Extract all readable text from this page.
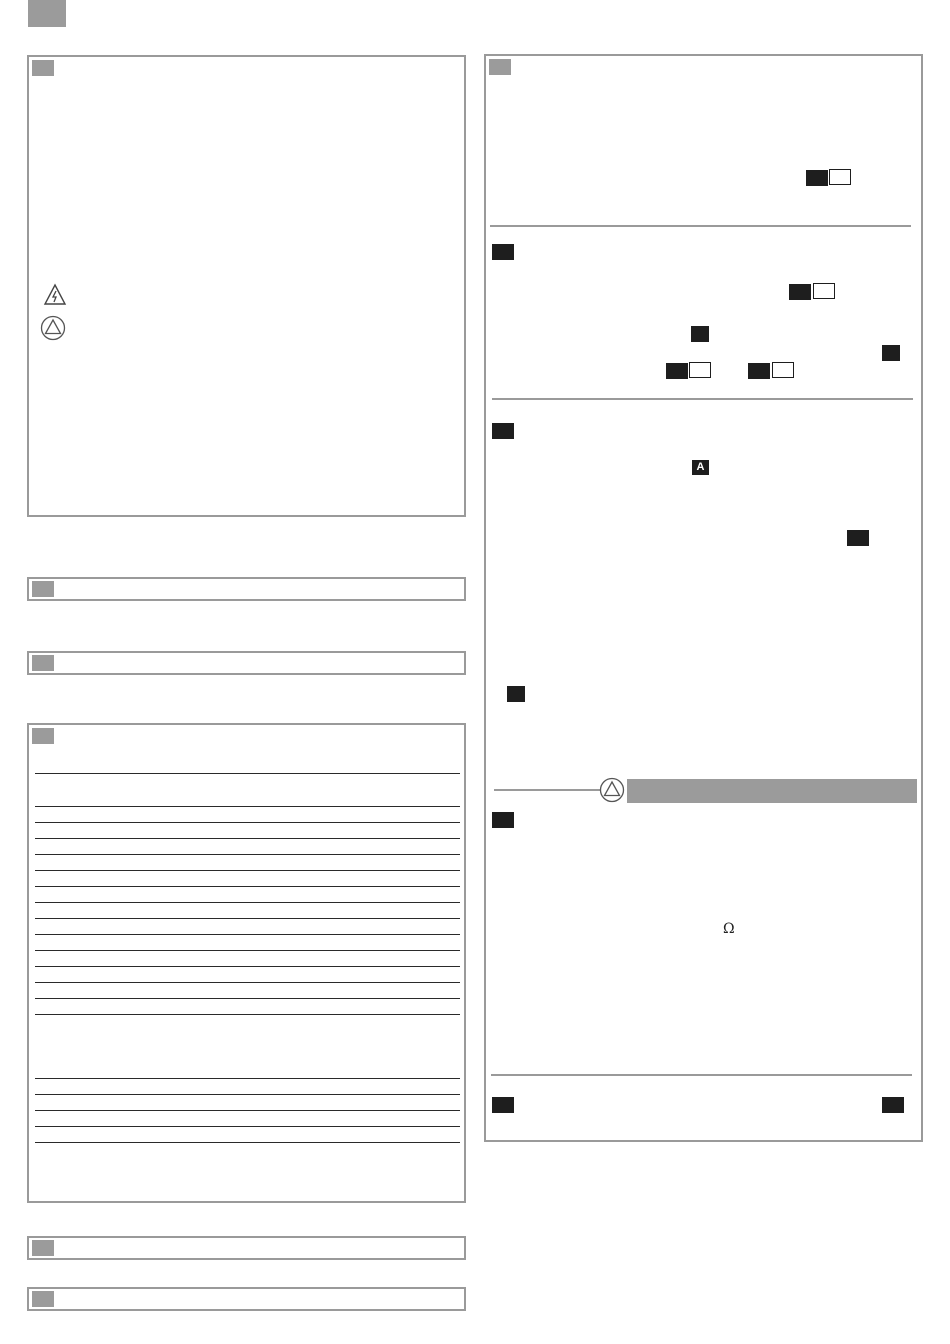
A
Ω
